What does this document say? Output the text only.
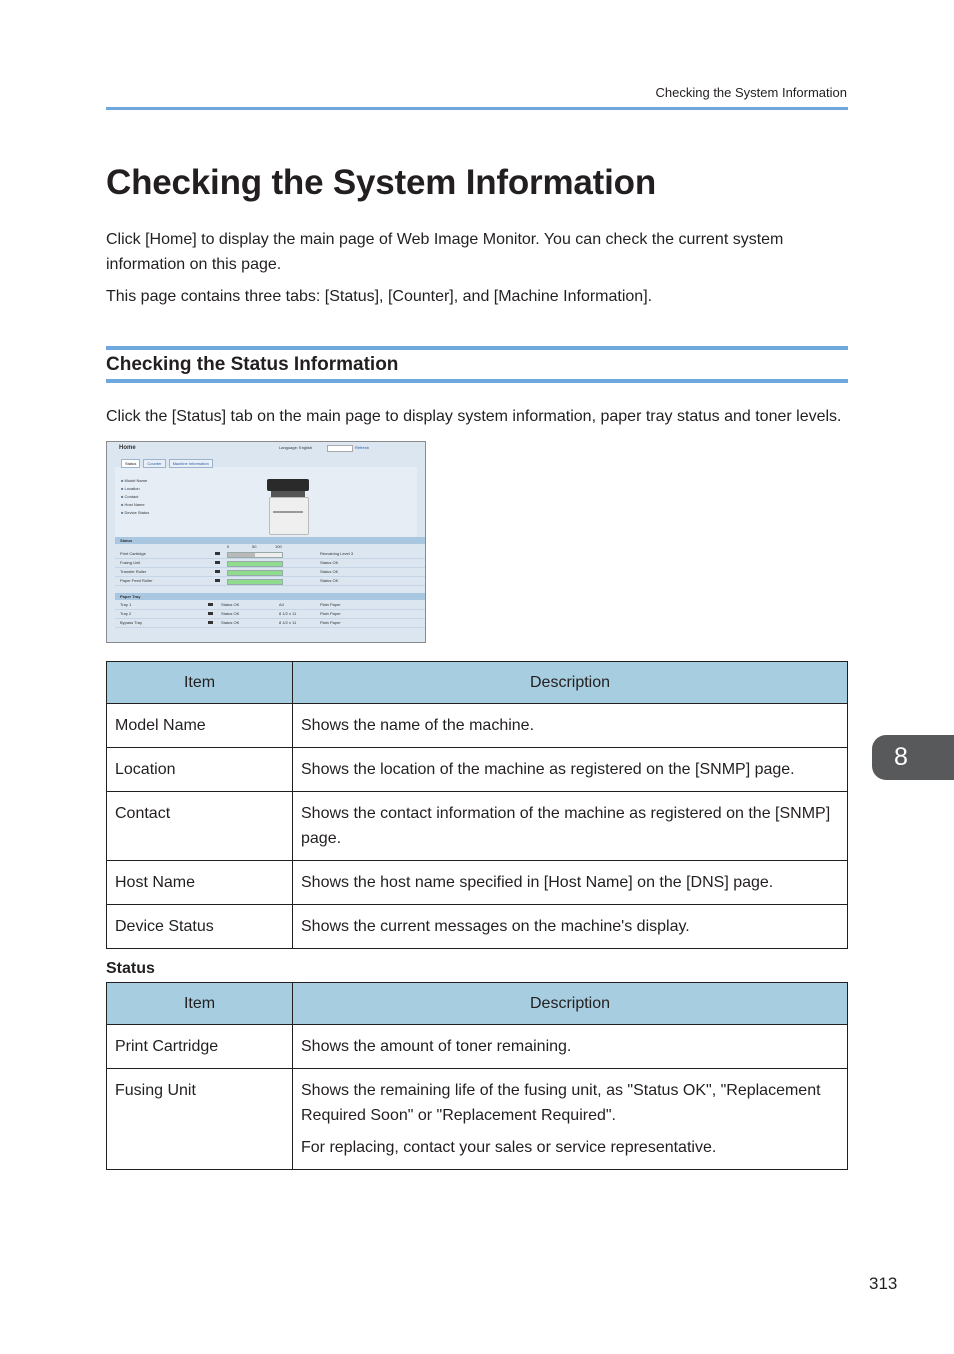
Checking the System Information
Checking the System Information

Click [Home] to display the main page of Web Image Monitor. You can check the current system information on this page.

This page contains three tabs: [Status], [Counter], and [Machine Information].

Checking the Status Information

Click the [Status] tab on the main page to display system information, paper tray status and toner levels.

Home	Language: English	Refresh
Status	Counter	Machine Information
■ Model Name
■ Location
■ Contact
■ Host Name
■ Device Status
Status
0	50	100
Print Cartridge	Remaining Level 3
Fusing Unit	Status OK
Transfer Roller	Status OK
Paper Feed Roller	Status OK
Paper Tray
Tray 1	Status OK	A4	Plain Paper
Tray 2	Status OK	8 1/2 x 11	Plain Paper
Bypass Tray	Status OK	8 1/2 x 11	Plain Paper
Item	Description
Model Name	Shows the name of the machine.
Location	Shows the location of the machine as registered on the [SNMP] page.
Contact	Shows the contact information of the machine as registered on the [SNMP] page.
Host Name	Shows the host name specified in [Host Name] on the [DNS] page.
Device Status	Shows the current messages on the machine's display.
Status
Item	Description
Print Cartridge	Shows the amount of toner remaining.
Fusing Unit	Shows the remaining life of the fusing unit, as "Status OK", "Replacement Required Soon" or "Replacement Required".

For replacing, contact your sales or service representative.

8
313
